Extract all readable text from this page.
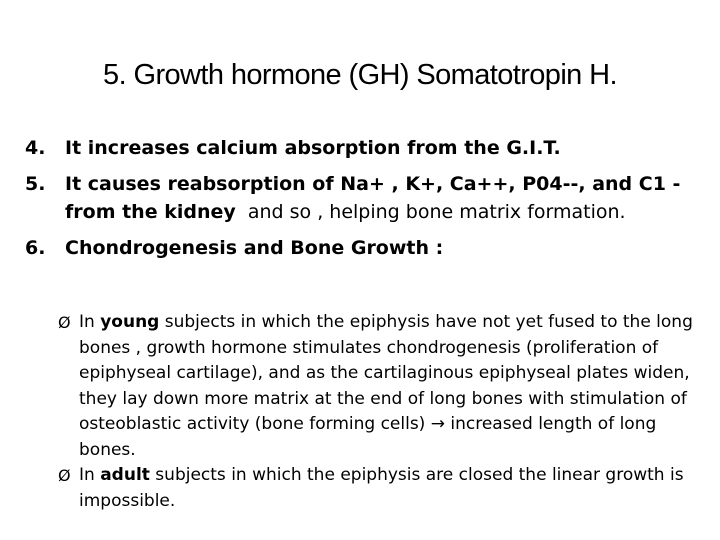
5. Growth hormone (GH) Somatotropin H.
4. It increases calcium absorption from the G.I.T.
5. It causes reabsorption of Na+ , K+, Ca++, P04--, and C1 - from the kidney and so , helping bone matrix formation.
6. Chondrogenesis and Bone Growth :
Ø In young subjects in which the epiphysis have not yet fused to the long bones , growth hormone stimulates chondrogenesis (proliferation of epiphyseal cartilage), and as the cartilaginous epiphyseal plates widen, they lay down more matrix at the end of long bones with stimulation of osteoblastic activity (bone forming cells) → increased length of long bones.
Ø In adult subjects in which the epiphysis are closed the linear growth is impossible.
